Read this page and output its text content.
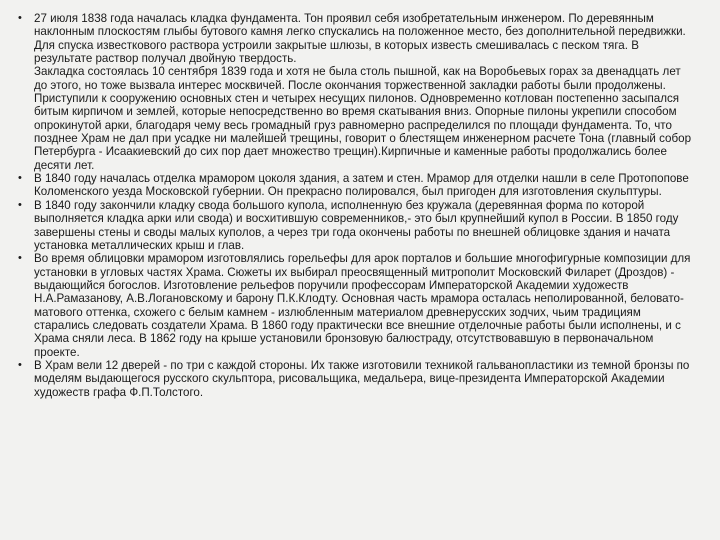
• 27 июля 1838 года началась кладка фундамента. Тон проявил себя изобретательным инженером. По деревянным наклонным плоскостям глыбы бутового камня легко спускались на положенное место, без дополнительной передвижки. Для спуска известкового раствора устроили закрытые шлюзы, в которых известь смешивалась с песком тяга. В результате раствор получал двойную твердость.
Закладка состоялась 10 сентября 1839 года и хотя не была столь пышной, как на Воробьевых горах за двенадцать лет до этого, но тоже вызвала интерес москвичей. После окончания торжественной закладки работы были продолжены. Приступили к сооружению основных стен и четырех несущих пилонов. Одновременно котлован постепенно засыпался битым кирпичом и землей, которые непосредственно во время скатывания вниз. Опорные пилоны укрепили способом опрокинутой арки, благодаря чему весь громадный груз равномерно распределился по площади фундамента. То, что позднее Храм не дал при усадке ни малейшей трещины, говорит о блестящем инженерном расчете Тона (главный собор Петербурга - Исаакиевский до сих пор дает множество трещин).Кирпичные и каменные работы продолжались более десяти лет.
• В 1840 году началась отделка мрамором цоколя здания, а затем и стен. Мрамор для отделки нашли в селе Протопопове Коломенского уезда Московской губернии. Он прекрасно полировался, был пригоден для изготовления скульптуры.
• В 1840 году закончили кладку свода большого купола, исполненную без кружала (деревянная форма по которой выполняется кладка арки или свода) и восхитившую современников,- это был крупнейший купол в России. В 1850 году завершены стены и своды малых куполов, а через три года окончены работы по внешней облицовке здания и начата установка металлических крыш и глав.
• Во время облицовки мрамором изготовлялись горельефы для арок порталов и большие многофигурные композиции для установки в угловых частях Храма. Сюжеты их выбирал преосвященный митрополит Московский Филарет (Дроздов) - выдающийся богослов. Изготовление рельефов поручили профессорам Императорской Академии художеств Н.А.Рамазанову, А.В.Логановскому и барону П.К.Клодту. Основная часть мрамора осталась неполированной, беловато-матового оттенка, схожего с белым камнем - излюбленным материалом древнерусских зодчих, чьим традициям старались следовать создатели Храма. В 1860 году практически все внешние отделочные работы были исполнены, и с Храма сняли леса. В 1862 году на крыше установили бронзовую балюстраду, отсутствовавшую в первоначальном проекте.
• В Храм вели 12 дверей - по три с каждой стороны. Их также изготовили техникой гальванопластики из темной бронзы по моделям выдающегося русского скульптора, рисовальщика, медальера, вице-президента Императорской Академии художеств графа Ф.П.Толстого.
